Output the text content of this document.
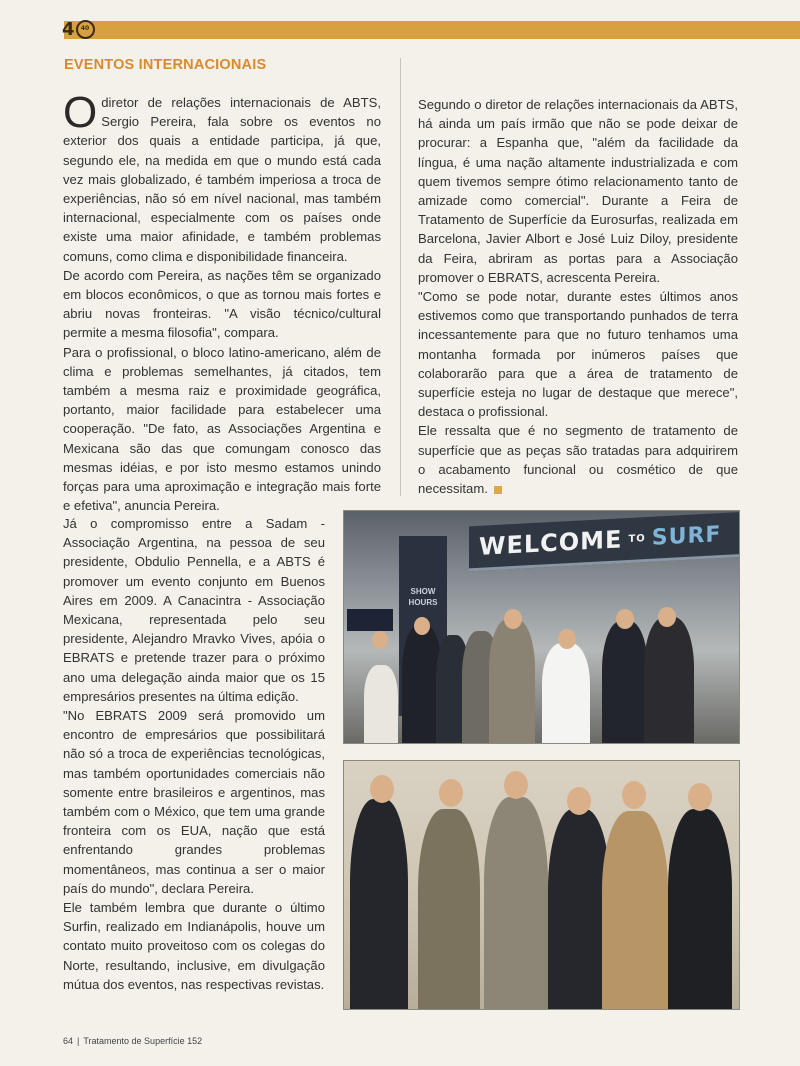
4 40
EVENTOS INTERNACIONAIS

Odiretor de relações internacionais de ABTS, Sergio Pereira, fala sobre os eventos no exterior dos quais a entidade participa, já que, segundo ele, na medida em que o mundo está cada vez mais globalizado, é também imperiosa a troca de experiências, não só em nível nacional, mas também internacional, especialmente com os países onde existe uma maior afinidade, e também problemas comuns, como clima e disponibilidade financeira.

De acordo com Pereira, as nações têm se organizado em blocos econômicos, o que as tornou mais fortes e abriu novas fronteiras. "A visão técnico/cultural permite a mesma filosofia", compara.

Para o profissional, o bloco latino-americano, além de clima e problemas semelhantes, já citados, tem também a mesma raiz e proximidade geográfica, portanto, maior facilidade para estabelecer uma cooperação. "De fato, as Associações Argentina e Mexicana são das que comungam conosco das mesmas idéias, e por isto mesmo estamos unindo forças para uma aproximação e integração mais forte e efetiva", anuncia Pereira.

Já o compromisso entre a Sadam - Associação Argentina, na pessoa de seu presidente, Obdulio Pennella, e a ABTS é promover um evento conjunto em Buenos Aires em 2009. A Canacintra - Associação Mexicana, representada pelo seu presidente, Alejandro Mravko Vives, apóia o EBRATS e pretende trazer para o próximo ano uma delegação ainda maior que os 15 empresários presentes na última edição.

"No EBRATS 2009 será promovido um encontro de empresários que possibilitará não só a troca de experiências tecnológicas, mas também oportunidades comerciais não somente entre brasileiros e argentinos, mas também com o México, que tem uma grande fronteira com os EUA, nação que está enfrentando grandes problemas momentâneos, mas continua a ser o maior país do mundo", declara Pereira.

Ele também lembra que durante o último Surfin, realizado em Indianápolis, houve um contato muito proveitoso com os colegas do Norte, resultando, inclusive, em divulgação mútua dos eventos, nas respectivas revistas.

Segundo o diretor de relações internacionais da ABTS, há ainda um país irmão que não se pode deixar de procurar: a Espanha que, "além da facilidade da língua, é uma nação altamente industrializada e com quem tivemos sempre ótimo relacionamento tanto de amizade como comercial". Durante a Feira de Tratamento de Superfície da Eurosurfas, realizada em Barcelona, Javier Albort e José Luiz Diloy, presidente da Feira, abriram as portas para a Associação promover o EBRATS, acrescenta Pereira.

"Como se pode notar, durante estes últimos anos estivemos como que transportando punhados de terra incessantemente para que no futuro tenhamos uma montanha formada por inúmeros países que colaborarão para que a área de tratamento de superfície esteja no lugar de destaque que merece", destaca o profissional.

Ele ressalta que é no segmento de tratamento de superfície que as peças são tratadas para adquirirem o acabamento funcional ou cosmético de que necessitam.

WELCOME TO SURF
SHOW HOURS
64 | Tratamento de Superfície 152
